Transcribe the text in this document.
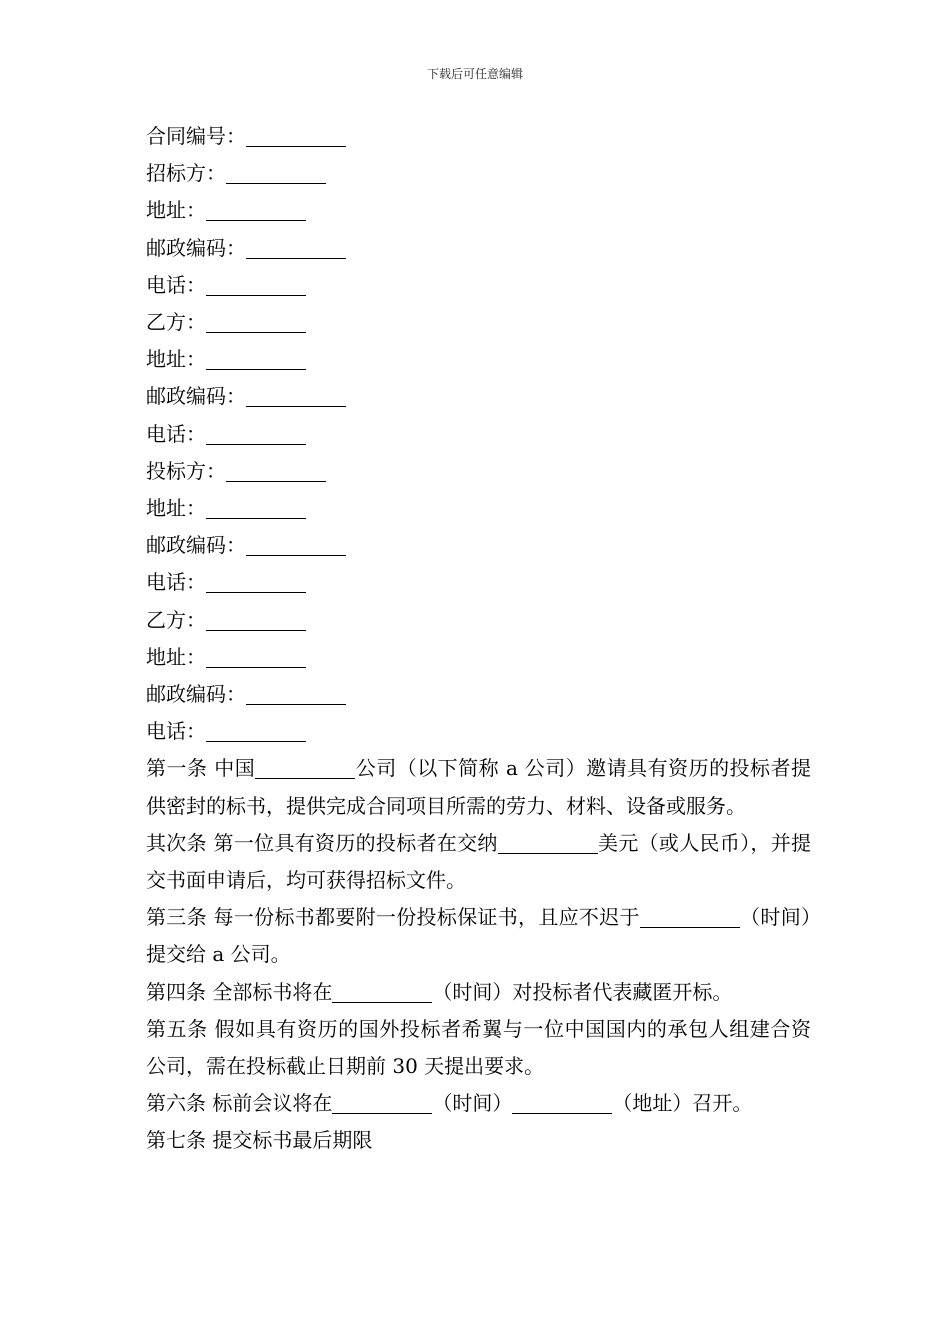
下载后可任意编辑
合同编号：
招标方：
地址：
邮政编码：
电话：
乙方：
地址：
邮政编码：
电话：
投标方：
地址：
邮政编码：
电话：
乙方：
地址：
邮政编码：
电话：

第一条 中国	公司（以下简称 a 公司）邀请具有资历的投标者提供密封的标书，提供完成合同项目所需的劳力、材料、设备或服务。

其次条 第一位具有资历的投标者在交纳	美元（或人民币），并提交书面申请后，均可获得招标文件。

第三条 每一份标书都要附一份投标保证书，且应不迟于	（时间）提交给 a 公司。

第四条 全部标书将在	（时间）对投标者代表藏匿开标。

第五条 假如具有资历的国外投标者希翼与一位中国国内的承包人组建合资公司，需在投标截止日期前 30 天提出要求。

第六条 标前会议将在	（时间）	（地址）召开。

第七条 提交标书最后期限
